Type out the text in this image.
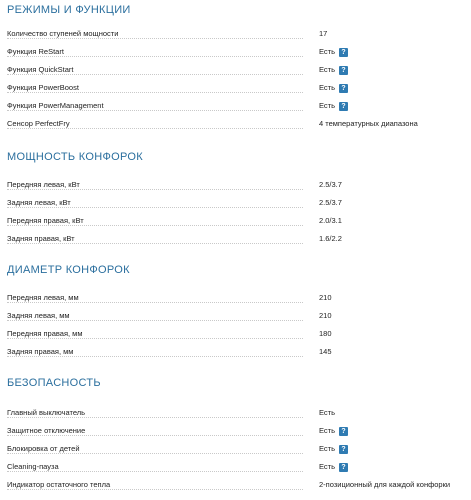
РЕЖИМЫ И ФУНКЦИИ
Количество ступеней мощности	17
Функция ReStart	Есть ?
Функция QuickStart	Есть ?
Функция PowerBoost	Есть ?
Функция PowerManagement	Есть ?
Сенсор PerfectFry	4 температурных диапазона
МОЩНОСТЬ КОНФОРОК
Передняя левая, кВт	2.5/3.7
Задняя левая, кВт	2.5/3.7
Передняя правая, кВт	2.0/3.1
Задняя правая, кВт	1.6/2.2
ДИАМЕТР КОНФОРОК
Передняя левая, мм	210
Задняя левая, мм	210
Передняя правая, мм	180
Задняя правая, мм	145
БЕЗОПАСНОСТЬ
Главный выключатель	Есть
Защитное отключение	Есть ?
Блокировка от детей	Есть ?
Cleaning-пауза	Есть ?
Индикатор остаточного тепла	2-позиционный для каждой конфорки
